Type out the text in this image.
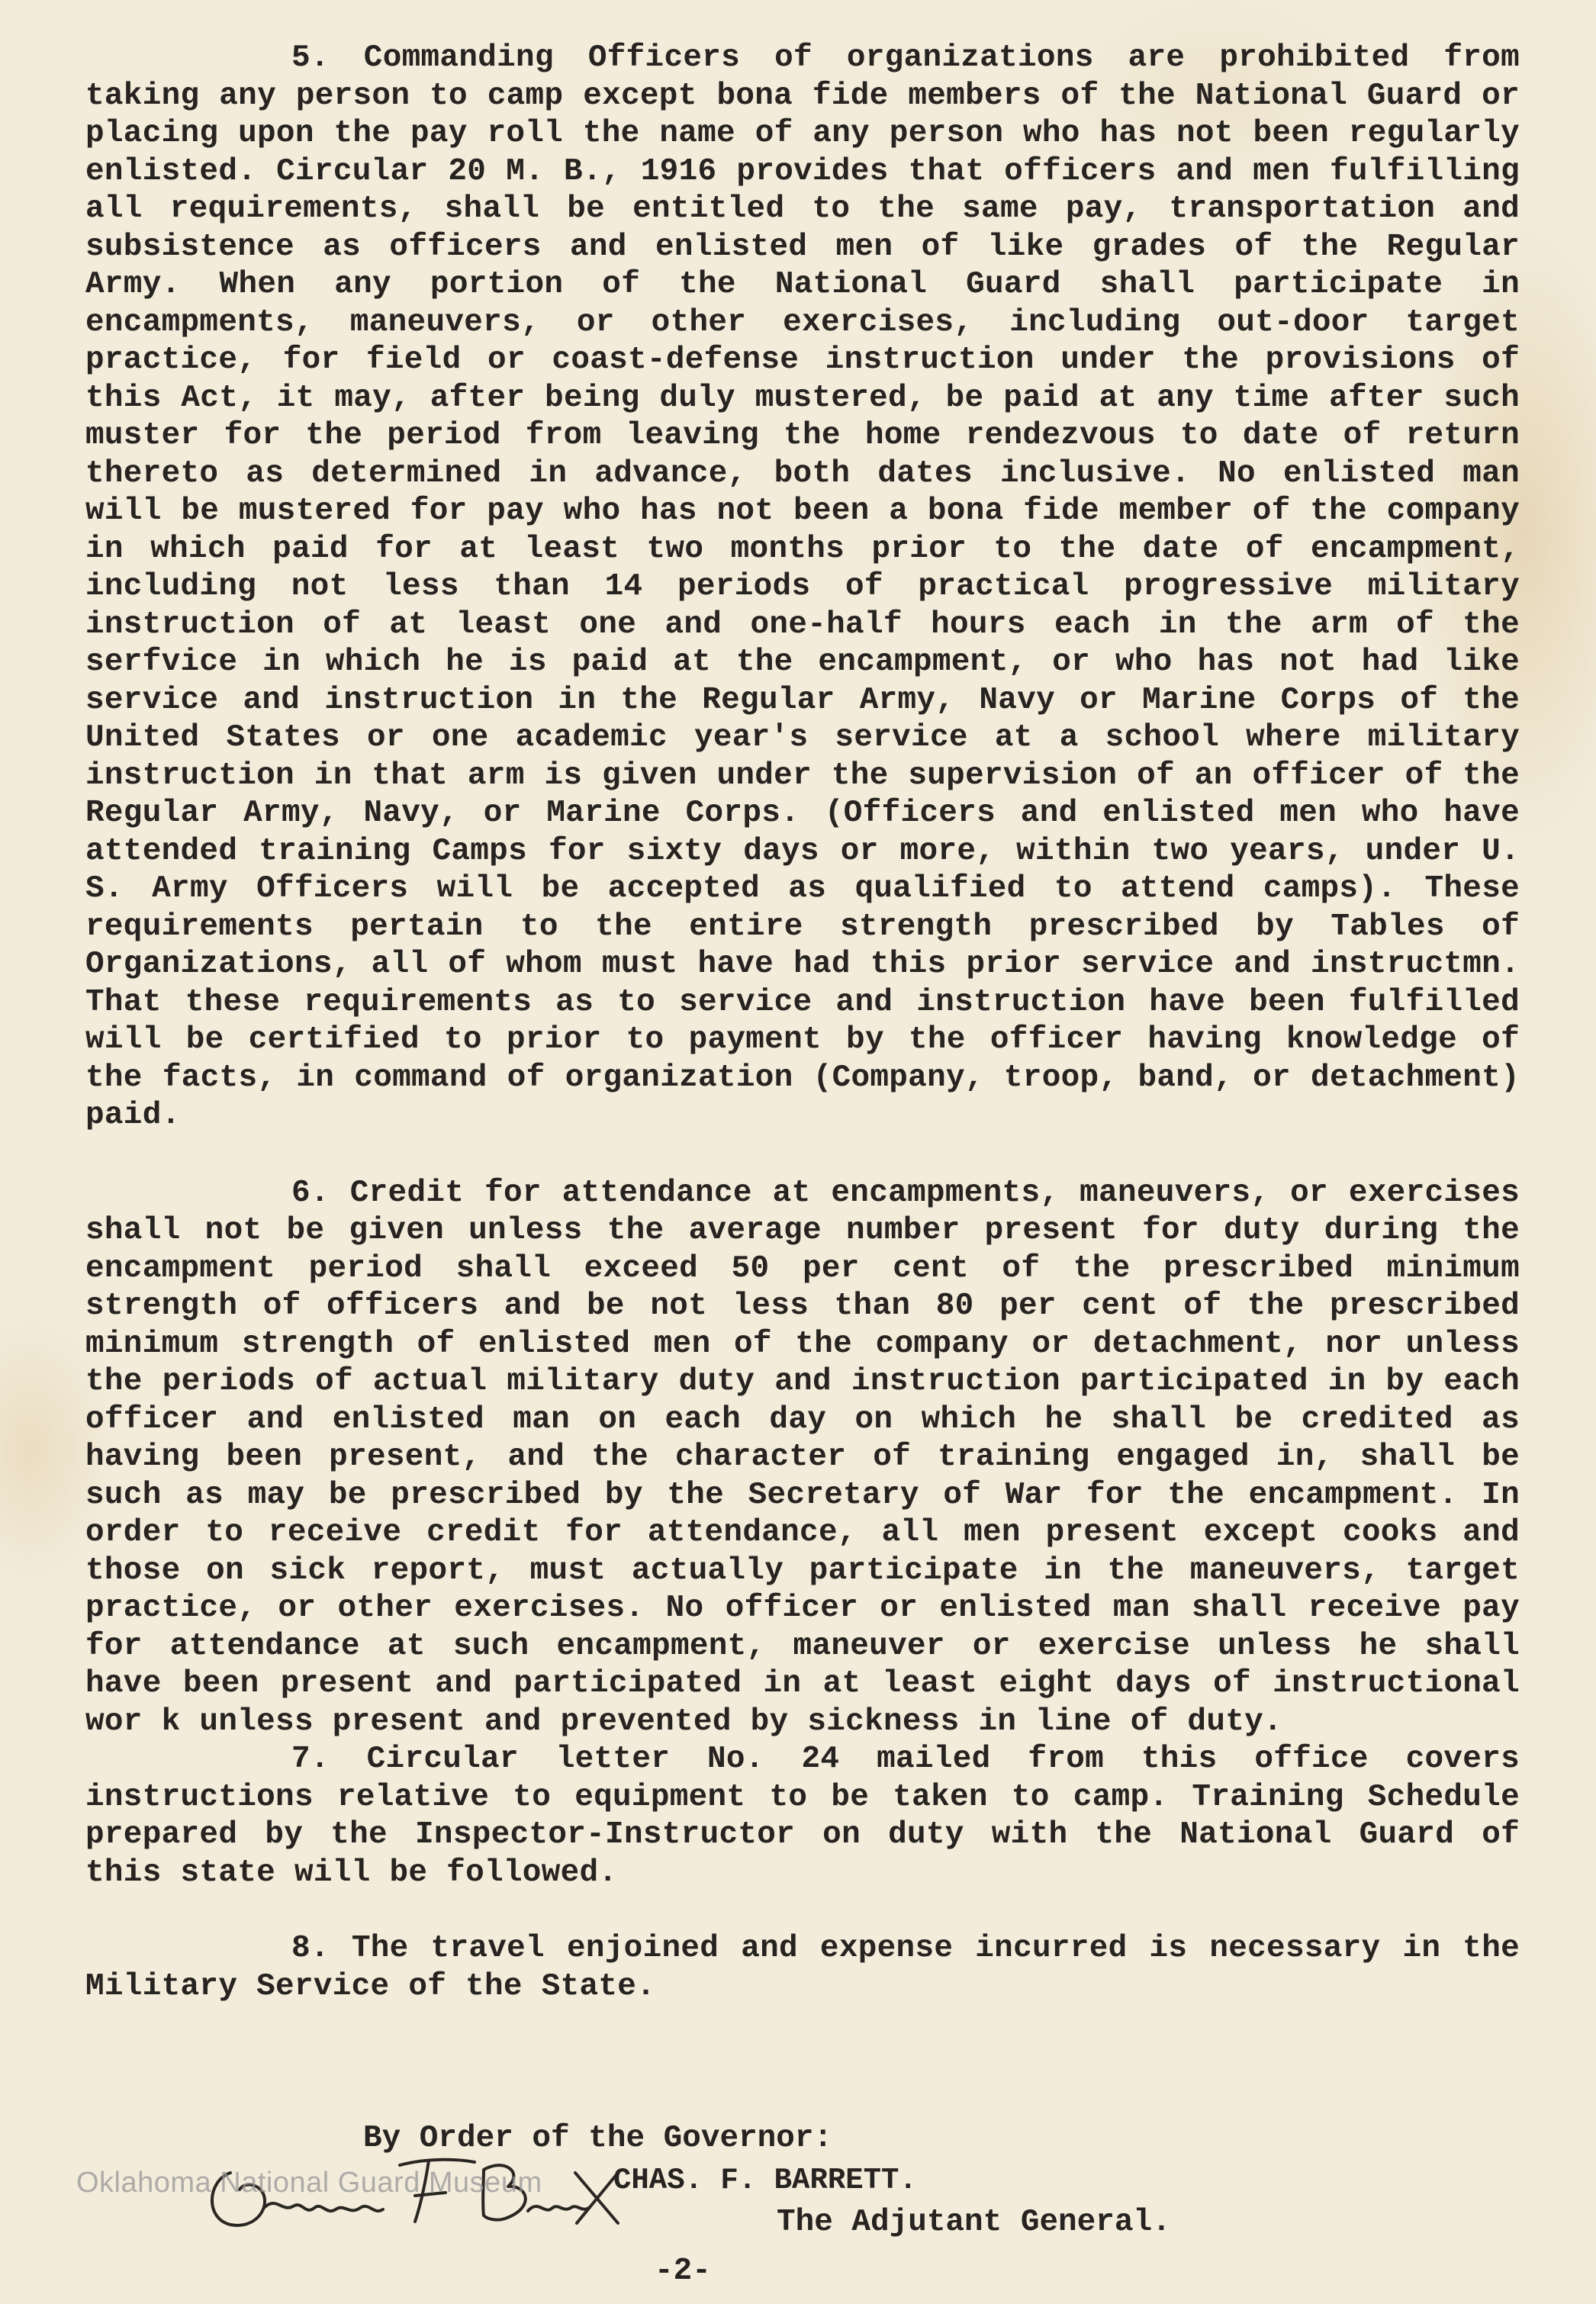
5. Commanding Officers of organizations are prohibited from taking any person to camp except bona fide members of the National Guard or placing upon the pay roll the name of any person who has not been regularly enlisted. Circular 20 M. B., 1916 provides that officers and men fulfilling all requirements, shall be entitled to the same pay, transportation and subsistence as officers and enlisted men of like grades of the Regular Army. When any portion of the National Guard shall participate in encampments, maneuvers, or other exercises, including out-door target practice, for field or coast-defense instruction under the provisions of this Act, it may, after being duly mustered, be paid at any time after such muster for the period from leaving the home rendezvous to date of return thereto as determined in advance, both dates inclusive. No enlisted man will be mustered for pay who has not been a bona fide member of the company in which paid for at least two months prior to the date of encampment, including not less than 14 periods of practical progressive military instruction of at least one and one-half hours each in the arm of the serfvice in which he is paid at the encampment, or who has not had like service and instruction in the Regular Army, Navy or Marine Corps of the United States or one academic year's service at a school where military instruction in that arm is given under the supervision of an officer of the Regular Army, Navy, or Marine Corps. (Officers and enlisted men who have attended training Camps for sixty days or more, within two years, under U. S. Army Officers will be accepted as qualified to attend camps). These requirements pertain to the entire strength prescribed by Tables of Organizations, all of whom must have had this prior service and instructmn. That these requirements as to service and instruction have been fulfilled will be certified to prior to payment by the officer having knowledge of the facts, in command of organization (Company, troop, band, or detachment) paid.

6. Credit for attendance at encampments, maneuvers, or exercises shall not be given unless the average number present for duty during the encampment period shall exceed 50 per cent of the prescribed minimum strength of officers and be not less than 80 per cent of the prescribed minimum strength of enlisted men of the company or detachment, nor unless the periods of actual military duty and instruction participated in by each officer and enlisted man on each day on which he shall be credited as having been present, and the character of training engaged in, shall be such as may be prescribed by the Secretary of War for the encampment. In order to receive credit for attendance, all men present except cooks and those on sick report, must actually participate in the maneuvers, target practice, or other exercises. No officer or enlisted man shall receive pay for attendance at such encampment, maneuver or exercise unless he shall have been present and participated in at least eight days of instructional wor k unless present and prevented by sickness in line of duty.

7. Circular letter No. 24 mailed from this office covers instructions relative to equipment to be taken to camp. Training Schedule prepared by the Inspector-Instructor on duty with the National Guard of this state will be followed.

8. The travel enjoined and expense incurred is necessary in the Military Service of the State.

By Order of the Governor:
CHAS. F. BARRETT.
The Adjutant General.
-2-
Oklahoma National Guard Museum
